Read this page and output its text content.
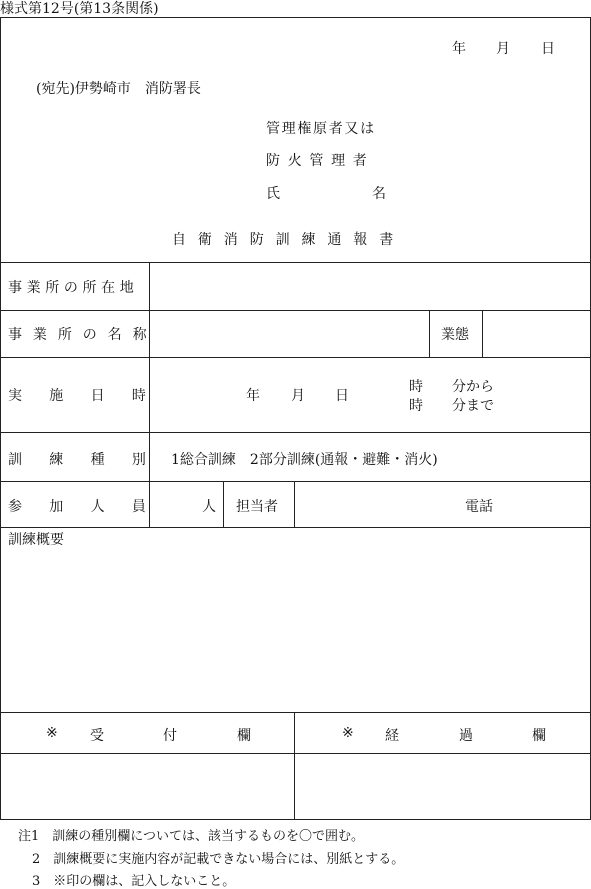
様式第12号(第13条関係)
年 月 日
(宛先)伊勢崎市　消防署長
管理権原者又は
防火管理者
氏	名
自衛消防訓練通報書
事業所の所在地
事業所の名称	業態
実施日時	年 月 日
時 分から
時 分まで
訓練種別
1総合訓練　2部分訓練(通報・避難・消火)
参加人員 人 担当者	電話
訓練概要
※ 受	付	欄	※ 経	過	欄
注1　訓練の種別欄については、該当するものを〇で囲む。
2　訓練概要に実施内容が記載できない場合には、別紙とする。
3　※印の欄は、記入しないこと。
